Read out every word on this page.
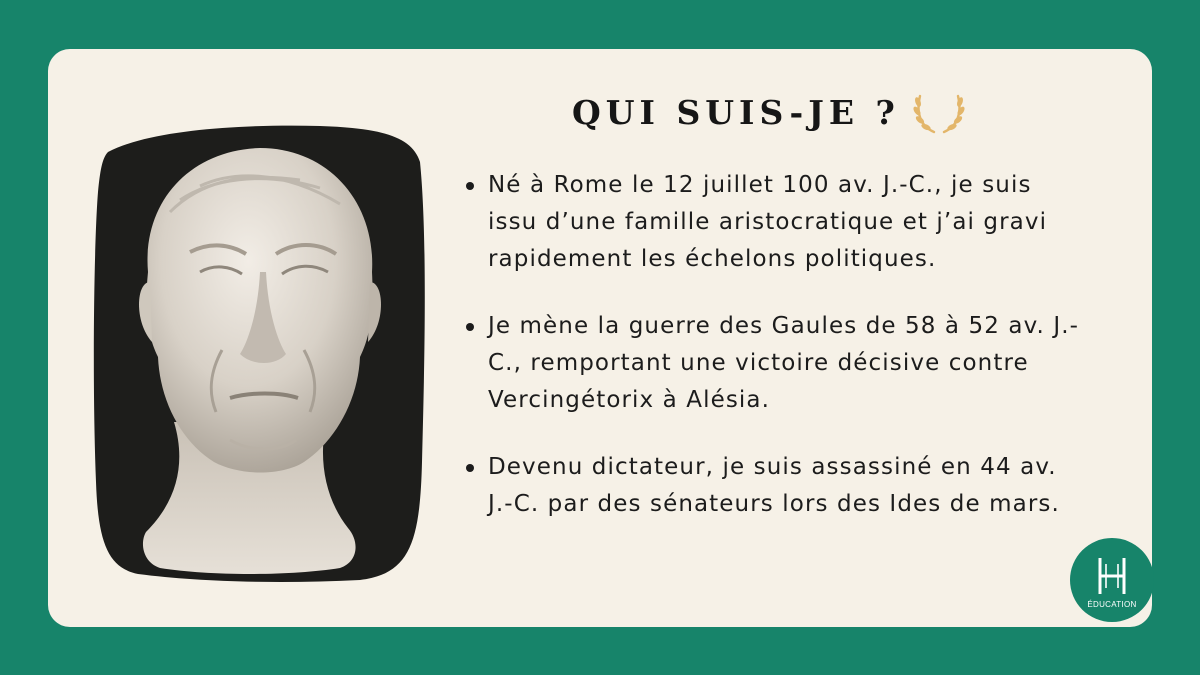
QUI SUIS-JE ?
Né à Rome le 12 juillet 100 av. J.-C., je suis issu d’une famille aristocratique et j’ai gravi rapidement les échelons politiques.
Je mène la guerre des Gaules de 58 à 52 av. J.-C., remportant une victoire décisive contre Vercingétorix à Alésia.
Devenu dictateur, je suis assassiné en 44 av. J.-C. par des sénateurs lors des Ides de mars.
ÉDUCATION
